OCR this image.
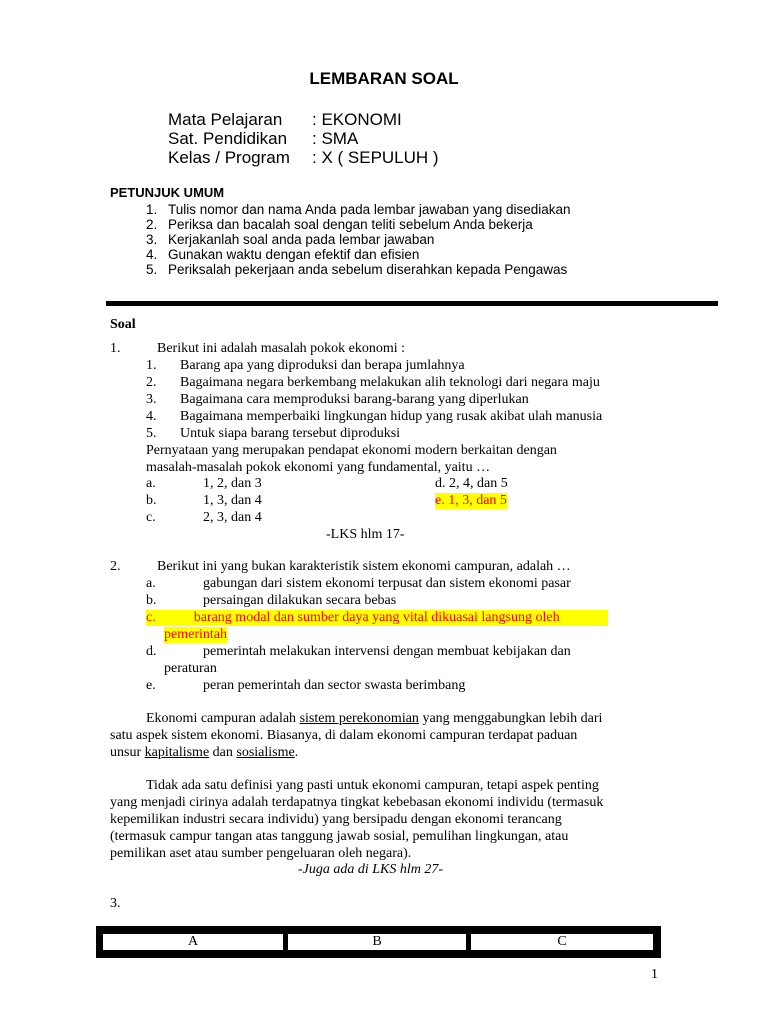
LEMBARAN SOAL
Mata Pelajaran : EKONOMI
Sat. Pendidikan : SMA
Kelas / Program : X ( SEPULUH )
PETUNJUK UMUM
1. Tulis nomor dan nama Anda pada lembar jawaban yang disediakan
2. Periksa dan bacalah soal dengan teliti sebelum Anda bekerja
3. Kerjakanlah soal anda pada lembar jawaban
4. Gunakan waktu dengan efektif dan efisien
5. Periksalah pekerjaan anda sebelum diserahkan kepada Pengawas
Soal
1.	Berikut ini adalah masalah pokok ekonomi :
1. Barang apa yang diproduksi dan berapa jumlahnya
2. Bagaimana negara berkembang melakukan alih teknologi dari negara maju
3. Bagaimana cara memproduksi barang-barang yang diperlukan
4. Bagaimana memperbaiki lingkungan hidup yang rusak akibat ulah manusia
5. Untuk siapa barang tersebut diproduksi
Pernyataan yang merupakan pendapat ekonomi modern berkaitan dengan
masalah-masalah pokok ekonomi yang fundamental, yaitu …
a.	1, 2, dan 3	d. 2, 4, dan 5
b.	1, 3, dan 4	e. 1, 3, dan 5
c.	2, 3, dan 4
-LKS hlm 17-
2.	Berikut ini yang bukan karakteristik sistem ekonomi campuran, adalah …
a.	gabungan dari sistem ekonomi terpusat dan sistem ekonomi pasar
b.	persaingan dilakukan secara bebas
c.	barang modal dan sumber daya yang vital dikuasai langsung oleh
pemerintah
d.	pemerintah melakukan intervensi dengan membuat kebijakan dan
peraturan
e.	peran pemerintah dan sector swasta berimbang
Ekonomi campuran adalah sistem perekonomian yang menggabungkan lebih dari
satu aspek sistem ekonomi. Biasanya, di dalam ekonomi campuran terdapat paduan
unsur kapitalisme dan sosialisme.
Tidak ada satu definisi yang pasti untuk ekonomi campuran, tetapi aspek penting
yang menjadi cirinya adalah terdapatnya tingkat kebebasan ekonomi individu (termasuk
kepemilikan industri secara individu) yang bersipadu dengan ekonomi terancang
(termasuk campur tangan atas tanggung jawab sosial, pemulihan lingkungan, atau
pemilikan aset atau sumber pengeluaran oleh negara).
-Juga ada di LKS hlm 27-
3.
A	B	C
1
